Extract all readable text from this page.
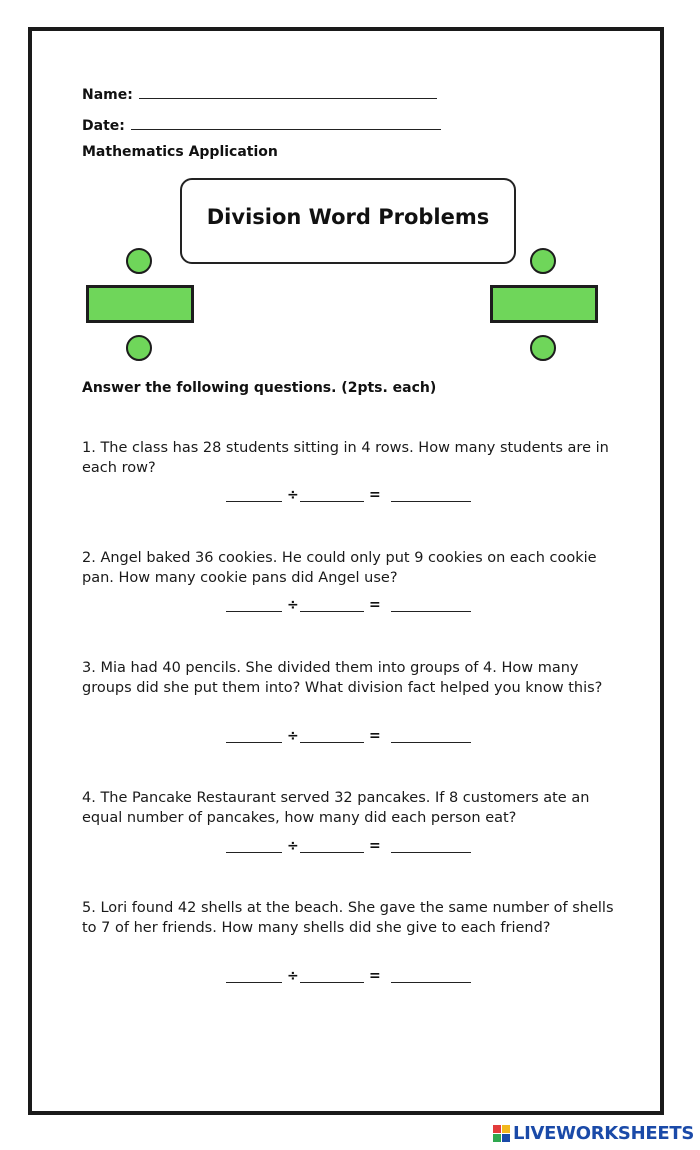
Name:
Date:
Mathematics Application
Division Word Problems
Answer the following questions. (2pts. each)
1. The class has 28 students sitting in 4 rows. How many students are in each row?
÷	=
2. Angel baked 36 cookies. He could only put 9 cookies on each cookie pan. How many cookie pans did Angel use?
÷	=
3. Mia had 40 pencils. She divided them into groups of 4. How many groups did she put them into? What division fact helped you know this?
÷	=
4. The Pancake Restaurant served 32 pancakes. If 8 customers ate an equal number of pancakes, how many did each person eat?
÷	=
5. Lori found 42 shells at the beach. She gave the same number of shells to 7 of her friends. How many shells did she give to each friend?
÷	=
LIVEWORKSHEETS
